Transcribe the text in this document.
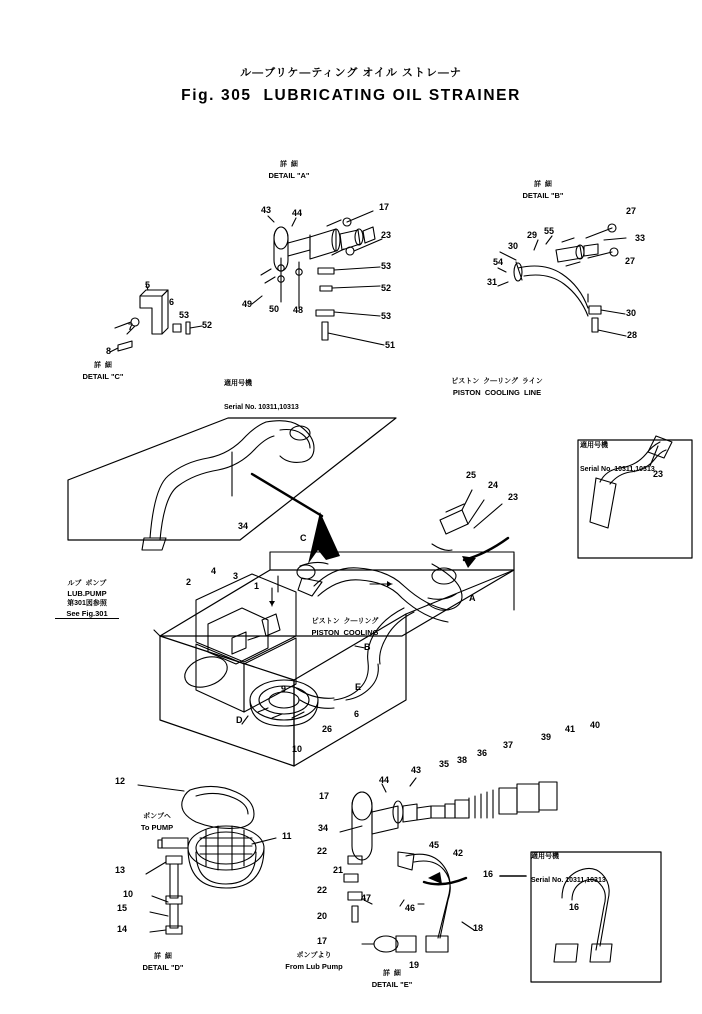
ル―ブリケ―ティング オイル ストレ―ナ
Fig. 305  LUBRICATING OIL STRAINER
詳  細
DETAIL "A"
詳  細
DETAIL "B"
詳  細
DETAIL "C"
詳  細
DETAIL "D"
詳  細
DETAIL "E"
ピストン  ク―リング  ライン
PISTON  COOLING  LINE
ルブ  ポンプ
LUB.PUMP
第301図参照
See Fig.301
ピストン  ク―リング
PISTON  COOLING
ポンプヘ
To PUMP
ポンプより
From Lub Pump

適用号機

Serial No. 10311,10313

適用号機

Serial No. 10311,10313

適用号機

Serial No. 10311,10313

C
A
B
D
E
43 44
17
23
53
52
53
51
49 50 48
5
6
53
52
7
8
55
29
30
54
31
27
33
27
30
28
25
24
23
23
34
2
4 3
1
9
26
6
10
12
11
13
10
15
14
44
43
35 38
36
37
39
41 40
17
34
22
21
22
20
47
46
45
42
16
17
19
18
16
